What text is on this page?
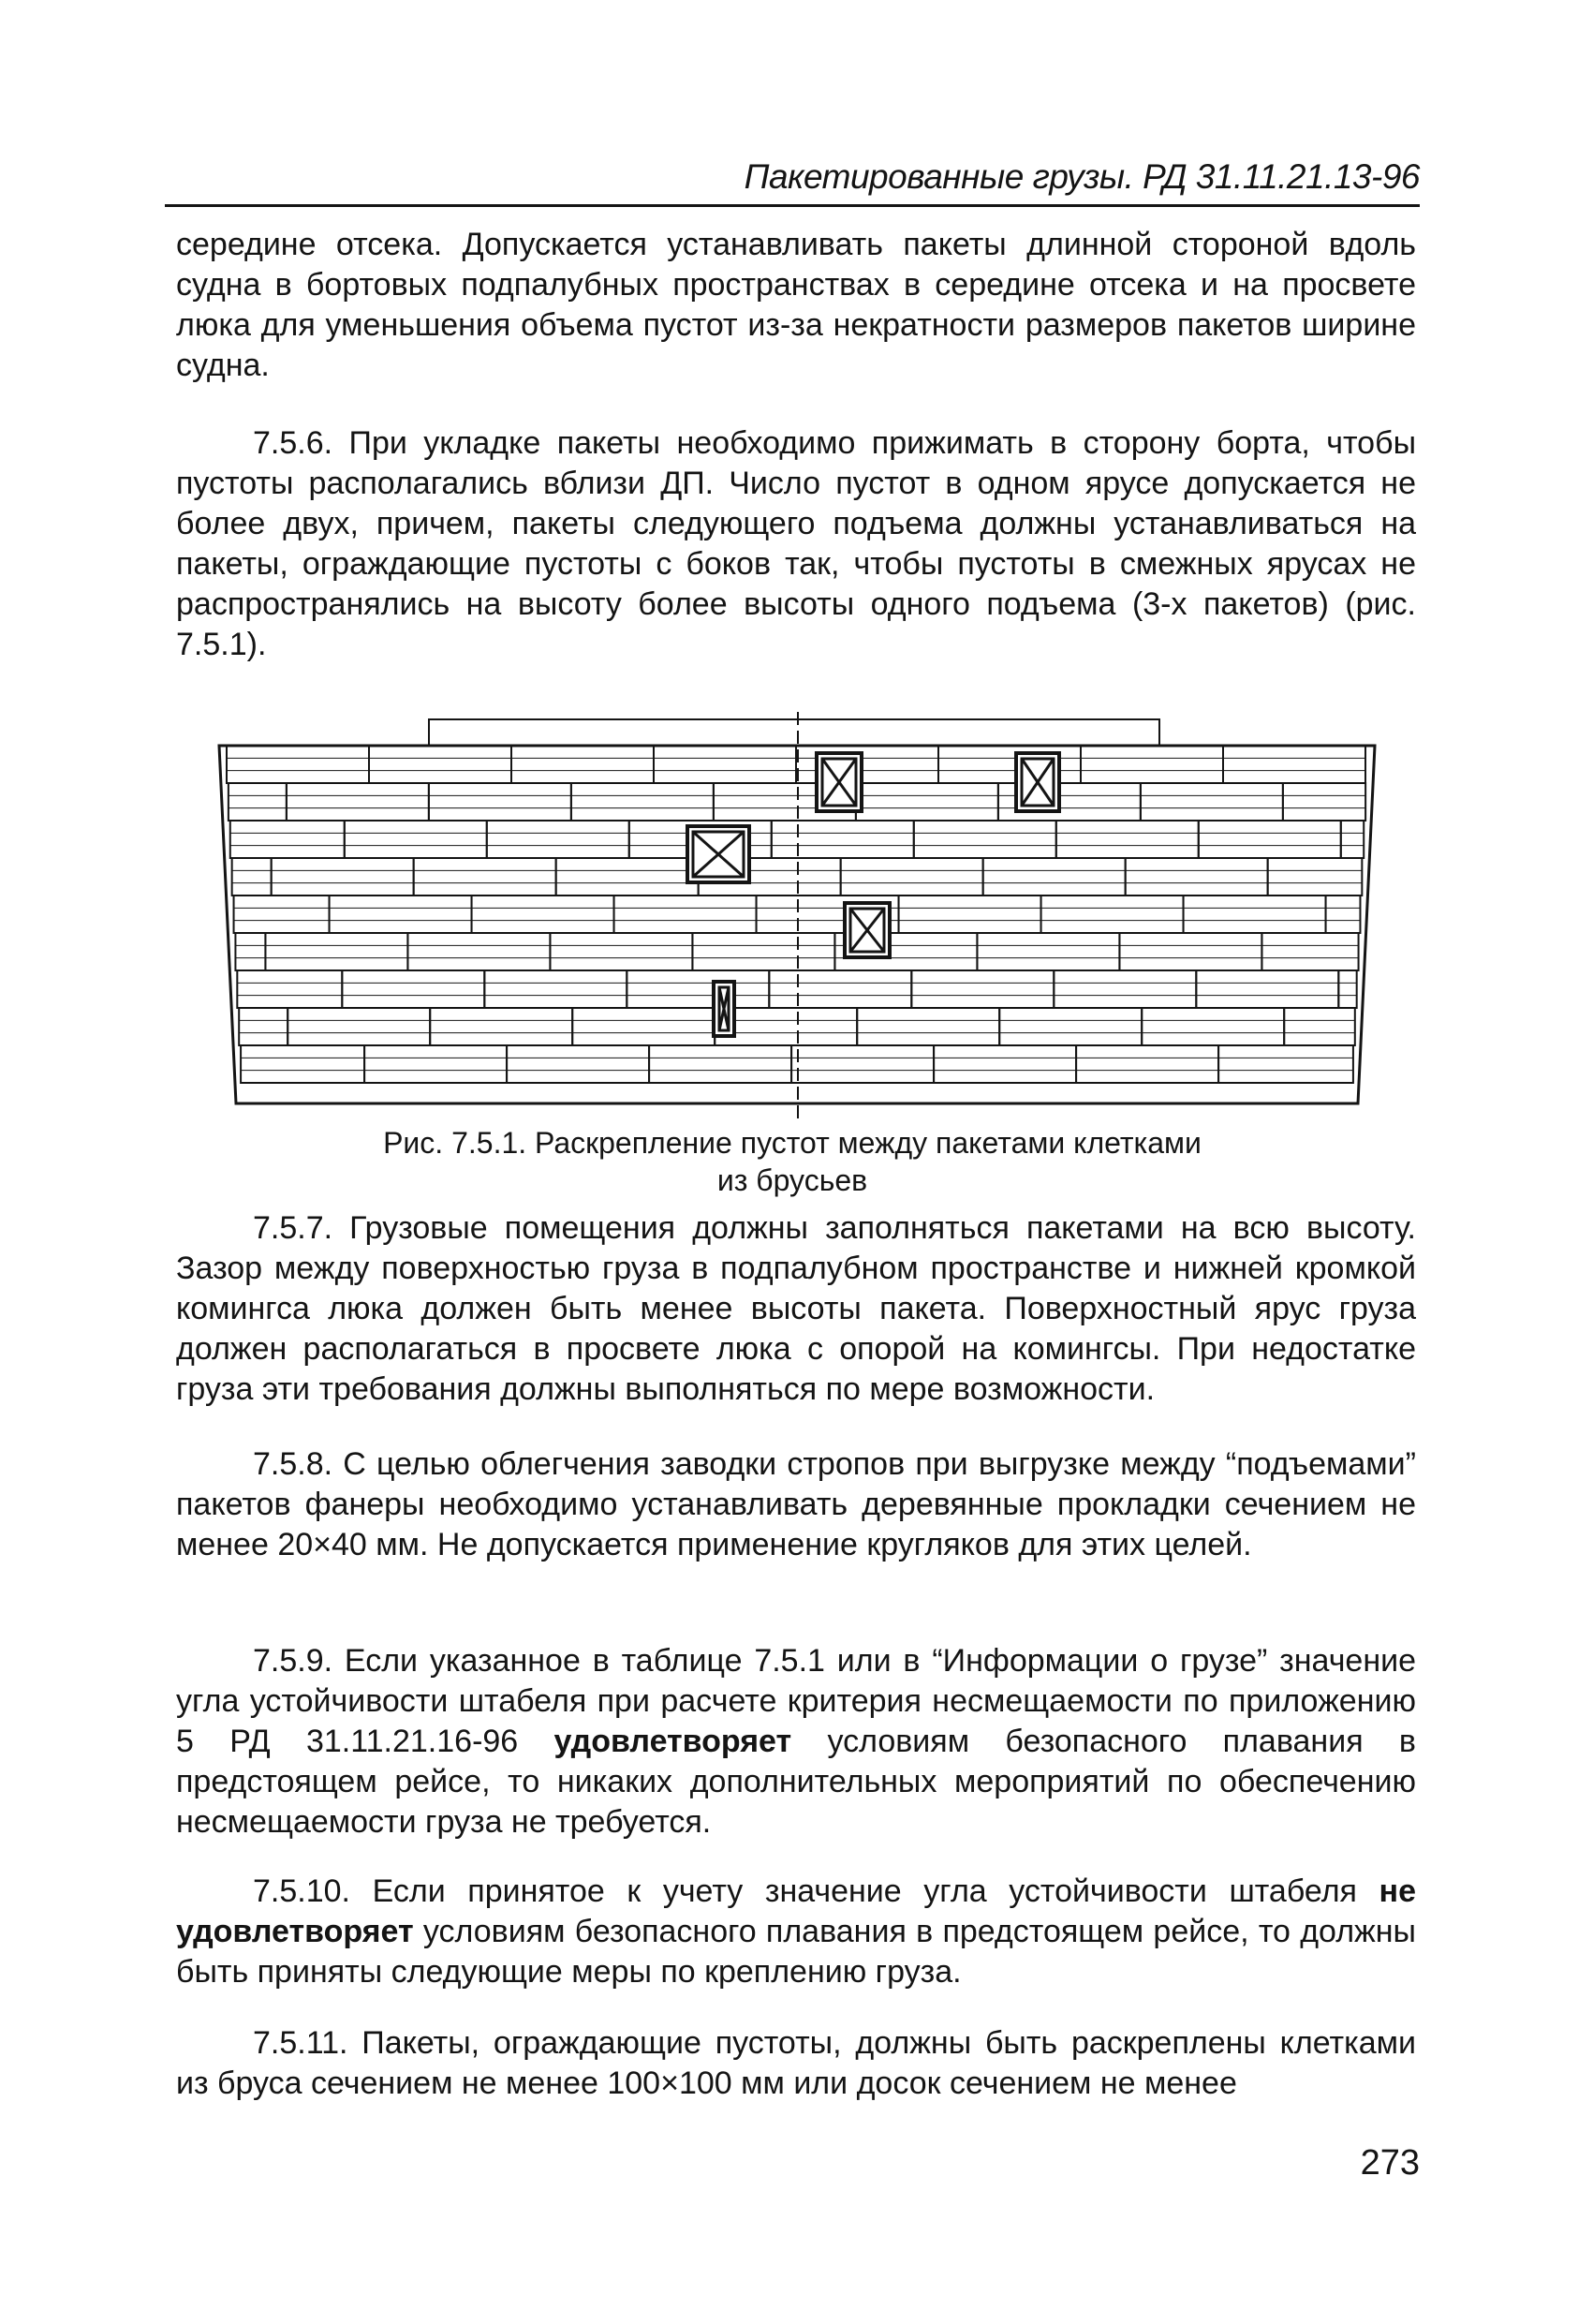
Пакетированные грузы. РД 31.11.21.13-96

середине отсека. Допускается устанавливать пакеты длинной стороной вдоль судна в бортовых подпалубных пространствах в середине отсека и на просвете люка для уменьшения объема пустот из-за некратности размеров пакетов ширине судна.

7.5.6. При укладке пакеты необходимо прижимать в сторону борта, чтобы пустоты располагались вблизи ДП. Число пустот в одном ярусе допускается не более двух, причем, пакеты следующего подъема должны устанавливаться на пакеты, ограждающие пустоты с боков так, чтобы пустоты в смежных ярусах не распространялись на высоту более высоты одного подъема (3-х пакетов) (рис. 7.5.1).

Рис. 7.5.1. Раскрепление пустот между пакетами клетками
из брусьев

7.5.7. Грузовые помещения должны заполняться пакетами на всю высоту. Зазор между поверхностью груза в подпалубном пространстве и нижней кромкой комингса люка должен быть менее высоты пакета. Поверхностный ярус груза должен располагаться в просвете люка с опорой на комингсы. При недостатке груза эти требования должны выполняться по мере возможности.

7.5.8. С целью облегчения заводки стропов при выгрузке между “подъемами” пакетов фанеры необходимо устанавливать деревянные прокладки сечением не менее 20×40 мм. Не допускается применение кругляков для этих целей.

7.5.9. Если указанное в таблице 7.5.1 или в “Информации о грузе” значение угла устойчивости штабеля при расчете критерия несмещаемости по приложению 5 РД 31.11.21.16-96 удовлетворяет условиям безопасного плавания в предстоящем рейсе, то никаких дополнительных мероприятий по обеспечению несмещаемости груза не требуется.

7.5.10. Если принятое к учету значение угла устойчивости штабеля не удовлетворяет условиям безопасного плавания в предстоящем рейсе, то должны быть приняты следующие меры по креплению груза.

7.5.11. Пакеты, ограждающие пустоты, должны быть раскреплены клетками из бруса сечением не менее 100×100 мм или досок сечением не менее

273
